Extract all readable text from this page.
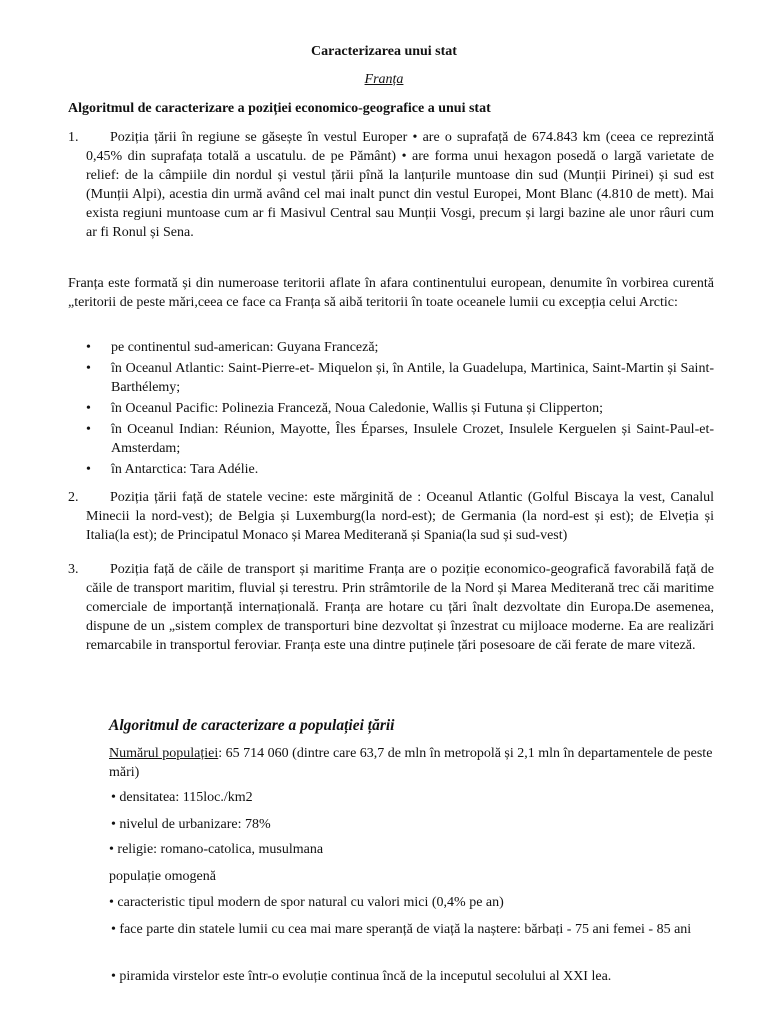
Caracterizarea unui stat
Franța
Algoritmul de caracterizare a poziției economico-geografice a unui stat
1.	Poziția țării în regiune se găsește în vestul Europer • are o suprafață de 674.843 km (ceea ce reprezintă 0,45% din suprafața totală a uscatulu. de pe Pământ) • are forma unui hexagon posedă o largă varietate de relief: de la câmpiile din nordul și vestul țării pînă la lanțurile muntoase din sud (Munții Pirinei) și sud est (Munții Alpi), acestia din urmă având cel mai inalt punct din vestul Europei, Mont Blanc (4.810 de mett). Mai exista regiuni muntoase cum ar fi Masivul Central sau Munții Vosgi, precum și largi bazine ale unor râuri cum ar fi Ronul și Sena.
Franța este formată și din numeroase teritorii aflate în afara continentului european, denumite în vorbirea curentă „teritorii de peste mări,ceea ce face ca Franța să aibă teritorii în toate oceanele lumii cu excepția celui Arctic:
• pe continentul sud-american: Guyana Franceză;
• în Oceanul Atlantic: Saint-Pierre-et- Miquelon și, în Antile, la Guadelupa, Martinica, Saint-Martin și Saint-Barthélemy;
• în Oceanul Pacific: Polinezia Franceză, Noua Caledonie, Wallis și Futuna și Clipperton;
• în Oceanul Indian: Réunion, Mayotte, Îles Éparses, Insulele Crozet, Insulele Kerguelen și Saint-Paul-et-Amsterdam;
• în Antarctica: Tara Adélie.
2.	Poziția țării față de statele vecine: este mărginită de : Oceanul Atlantic (Golful Biscaya la vest, Canalul Minecii la nord-vest); de Belgia și Luxemburg(la nord-est); de Germania (la nord-est și est); de Elveția și Italia(la est); de Principatul Monaco și Marea Mediterană și Spania(la sud și sud-vest)
3.	Poziția față de căile de transport și maritime Franța are o poziție economico-geografică favorabilă față de căile de transport maritim, fluvial și terestru. Prin strâmtorile de la Nord și Marea Mediterană trec căi maritime comerciale de importanță internațională. Franța are hotare cu țări înalt dezvoltate din Europa.De asemenea, dispune de un „sistem complex de transporturi bine dezvoltat și înzestrat cu mijloace moderne. Ea are realizări remarcabile in transportul feroviar. Franța este una dintre puținele țări posesoare de căi ferate de mare viteză.
Algoritmul de caracterizare a populației țării
Numărul populației: 65 714 060 (dintre care 63,7 de mln în metropolă și 2,1 mln în departamentele de peste mări)
• densitatea: 115loc./km2
• nivelul de urbanizare: 78%
• religie: romano-catolica, musulmana
populație omogenă
• caracteristic tipul modern de spor natural cu valori mici (0,4% pe an)
• face parte din statele lumii cu cea mai mare speranță de viață la naștere: bărbați - 75 ani femei - 85 ani
• piramida virstelor este într-o evoluție continua încă de la inceputul secolului al XXI lea.
